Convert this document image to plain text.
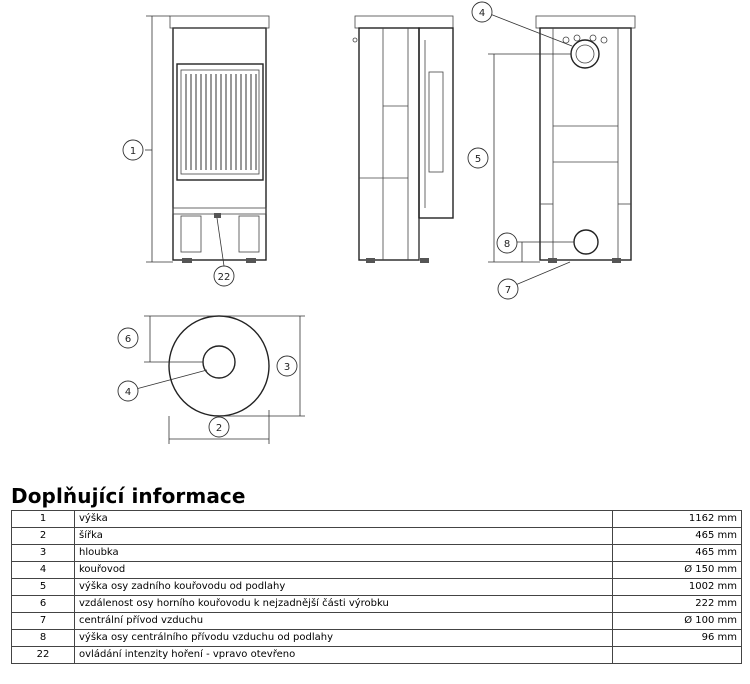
1
22
4
5
8
7
6
4
3
2
Doplňující informace
1	výška	1162 mm
2	šířka	465 mm
3	hloubka	465 mm
4	kouřovod	Ø 150 mm
5	výška osy zadního kouřovodu od podlahy	1002 mm
6	vzdálenost osy horního kouřovodu k nejzadnější části výrobku	222 mm
7	centrální přívod vzduchu	Ø 100 mm
8	výška osy centrálního přívodu vzduchu od podlahy	96 mm
22	ovládání intenzity hoření - vpravo otevřeno	
